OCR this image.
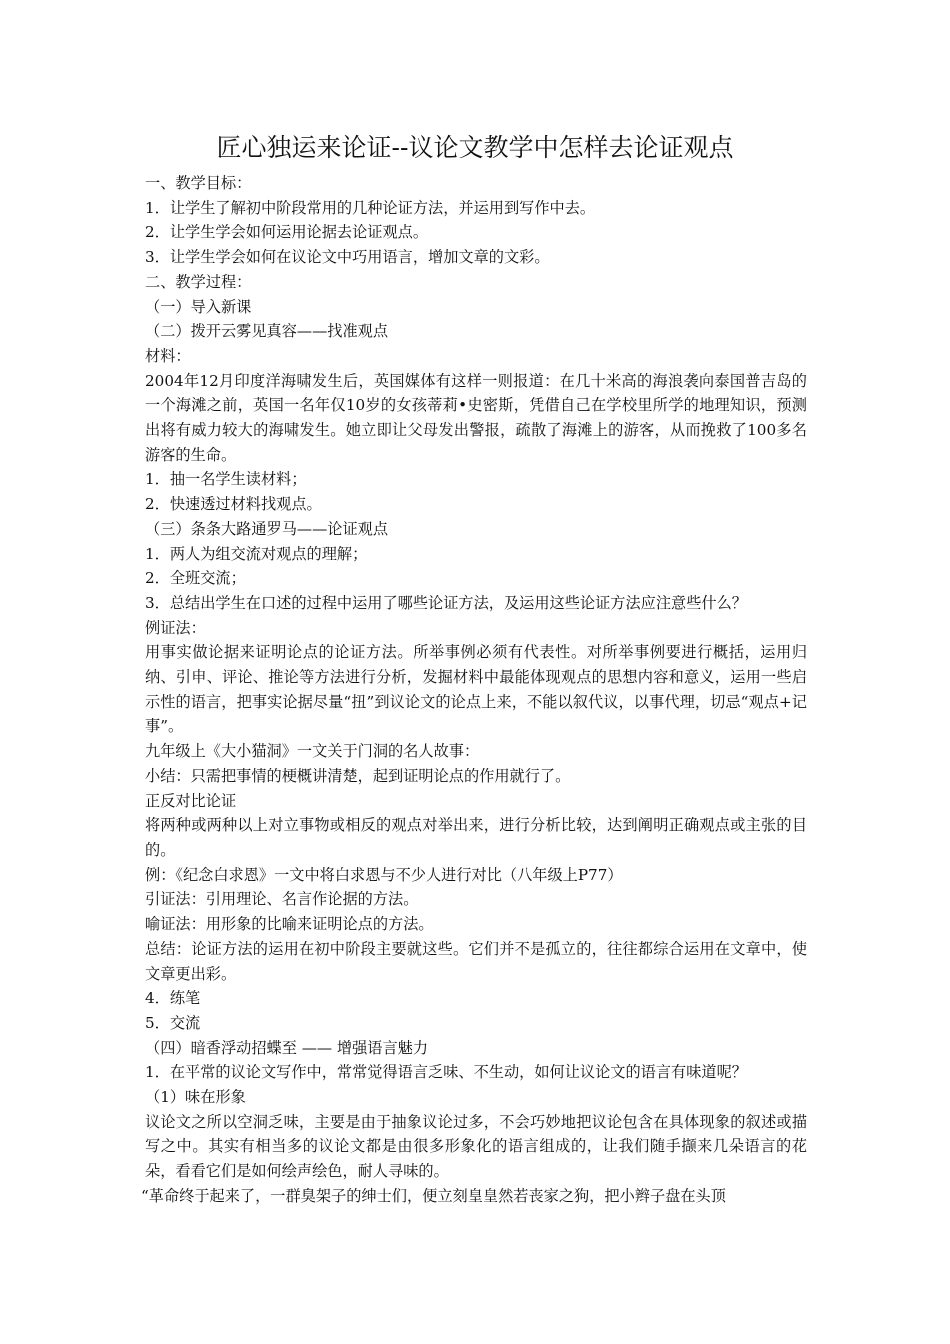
匠心独运来论证--议论文教学中怎样去论证观点

一、教学目标：

1．让学生了解初中阶段常用的几种论证方法，并运用到写作中去。

2．让学生学会如何运用论据去论证观点。

3．让学生学会如何在议论文中巧用语言，增加文章的文彩。

二、教学过程：

（一）导入新课

（二）拨开云雾见真容——找准观点

材料：

2004年12月印度洋海啸发生后，英国媒体有这样一则报道：在几十米高的海浪袭向泰国普吉岛的一个海滩之前，英国一名年仅10岁的女孩蒂莉•史密斯，凭借自己在学校里所学的地理知识，预测出将有威力较大的海啸发生。她立即让父母发出警报，疏散了海滩上的游客，从而挽救了100多名游客的生命。

1．抽一名学生读材料；

2．快速透过材料找观点。

（三）条条大路通罗马——论证观点

1．两人为组交流对观点的理解；

2．全班交流；

3．总结出学生在口述的过程中运用了哪些论证方法，及运用这些论证方法应注意些什么？

例证法：

用事实做论据来证明论点的论证方法。所举事例必须有代表性。对所举事例要进行概括，运用归纳、引申、评论、推论等方法进行分析，发掘材料中最能体现观点的思想内容和意义，运用一些启示性的语言，把事实论据尽量“扭”到议论文的论点上来，不能以叙代议，以事代理，切忌“观点+记事”。

九年级上《大小猫洞》一文关于门洞的名人故事：

小结：只需把事情的梗概讲清楚，起到证明论点的作用就行了。

正反对比论证

将两种或两种以上对立事物或相反的观点对举出来，进行分析比较，达到阐明正确观点或主张的目的。

例：《纪念白求恩》一文中将白求恩与不少人进行对比（八年级上P77）

引证法：引用理论、名言作论据的方法。

喻证法：用形象的比喻来证明论点的方法。

总结：论证方法的运用在初中阶段主要就这些。它们并不是孤立的，往往都综合运用在文章中，使文章更出彩。

4．练笔

5．交流

（四）暗香浮动招蝶至 —— 增强语言魅力

1．在平常的议论文写作中，常常觉得语言乏味、不生动，如何让议论文的语言有味道呢？

（1）味在形象

议论文之所以空洞乏味，主要是由于抽象议论过多，不会巧妙地把议论包含在具体现象的叙述或描写之中。其实有相当多的议论文都是由很多形象化的语言组成的，让我们随手撷来几朵语言的花朵，看看它们是如何绘声绘色，耐人寻味的。

“革命终于起来了，一群臭架子的绅士们，便立刻皇皇然若丧家之狗，把小辫子盘在头顶
